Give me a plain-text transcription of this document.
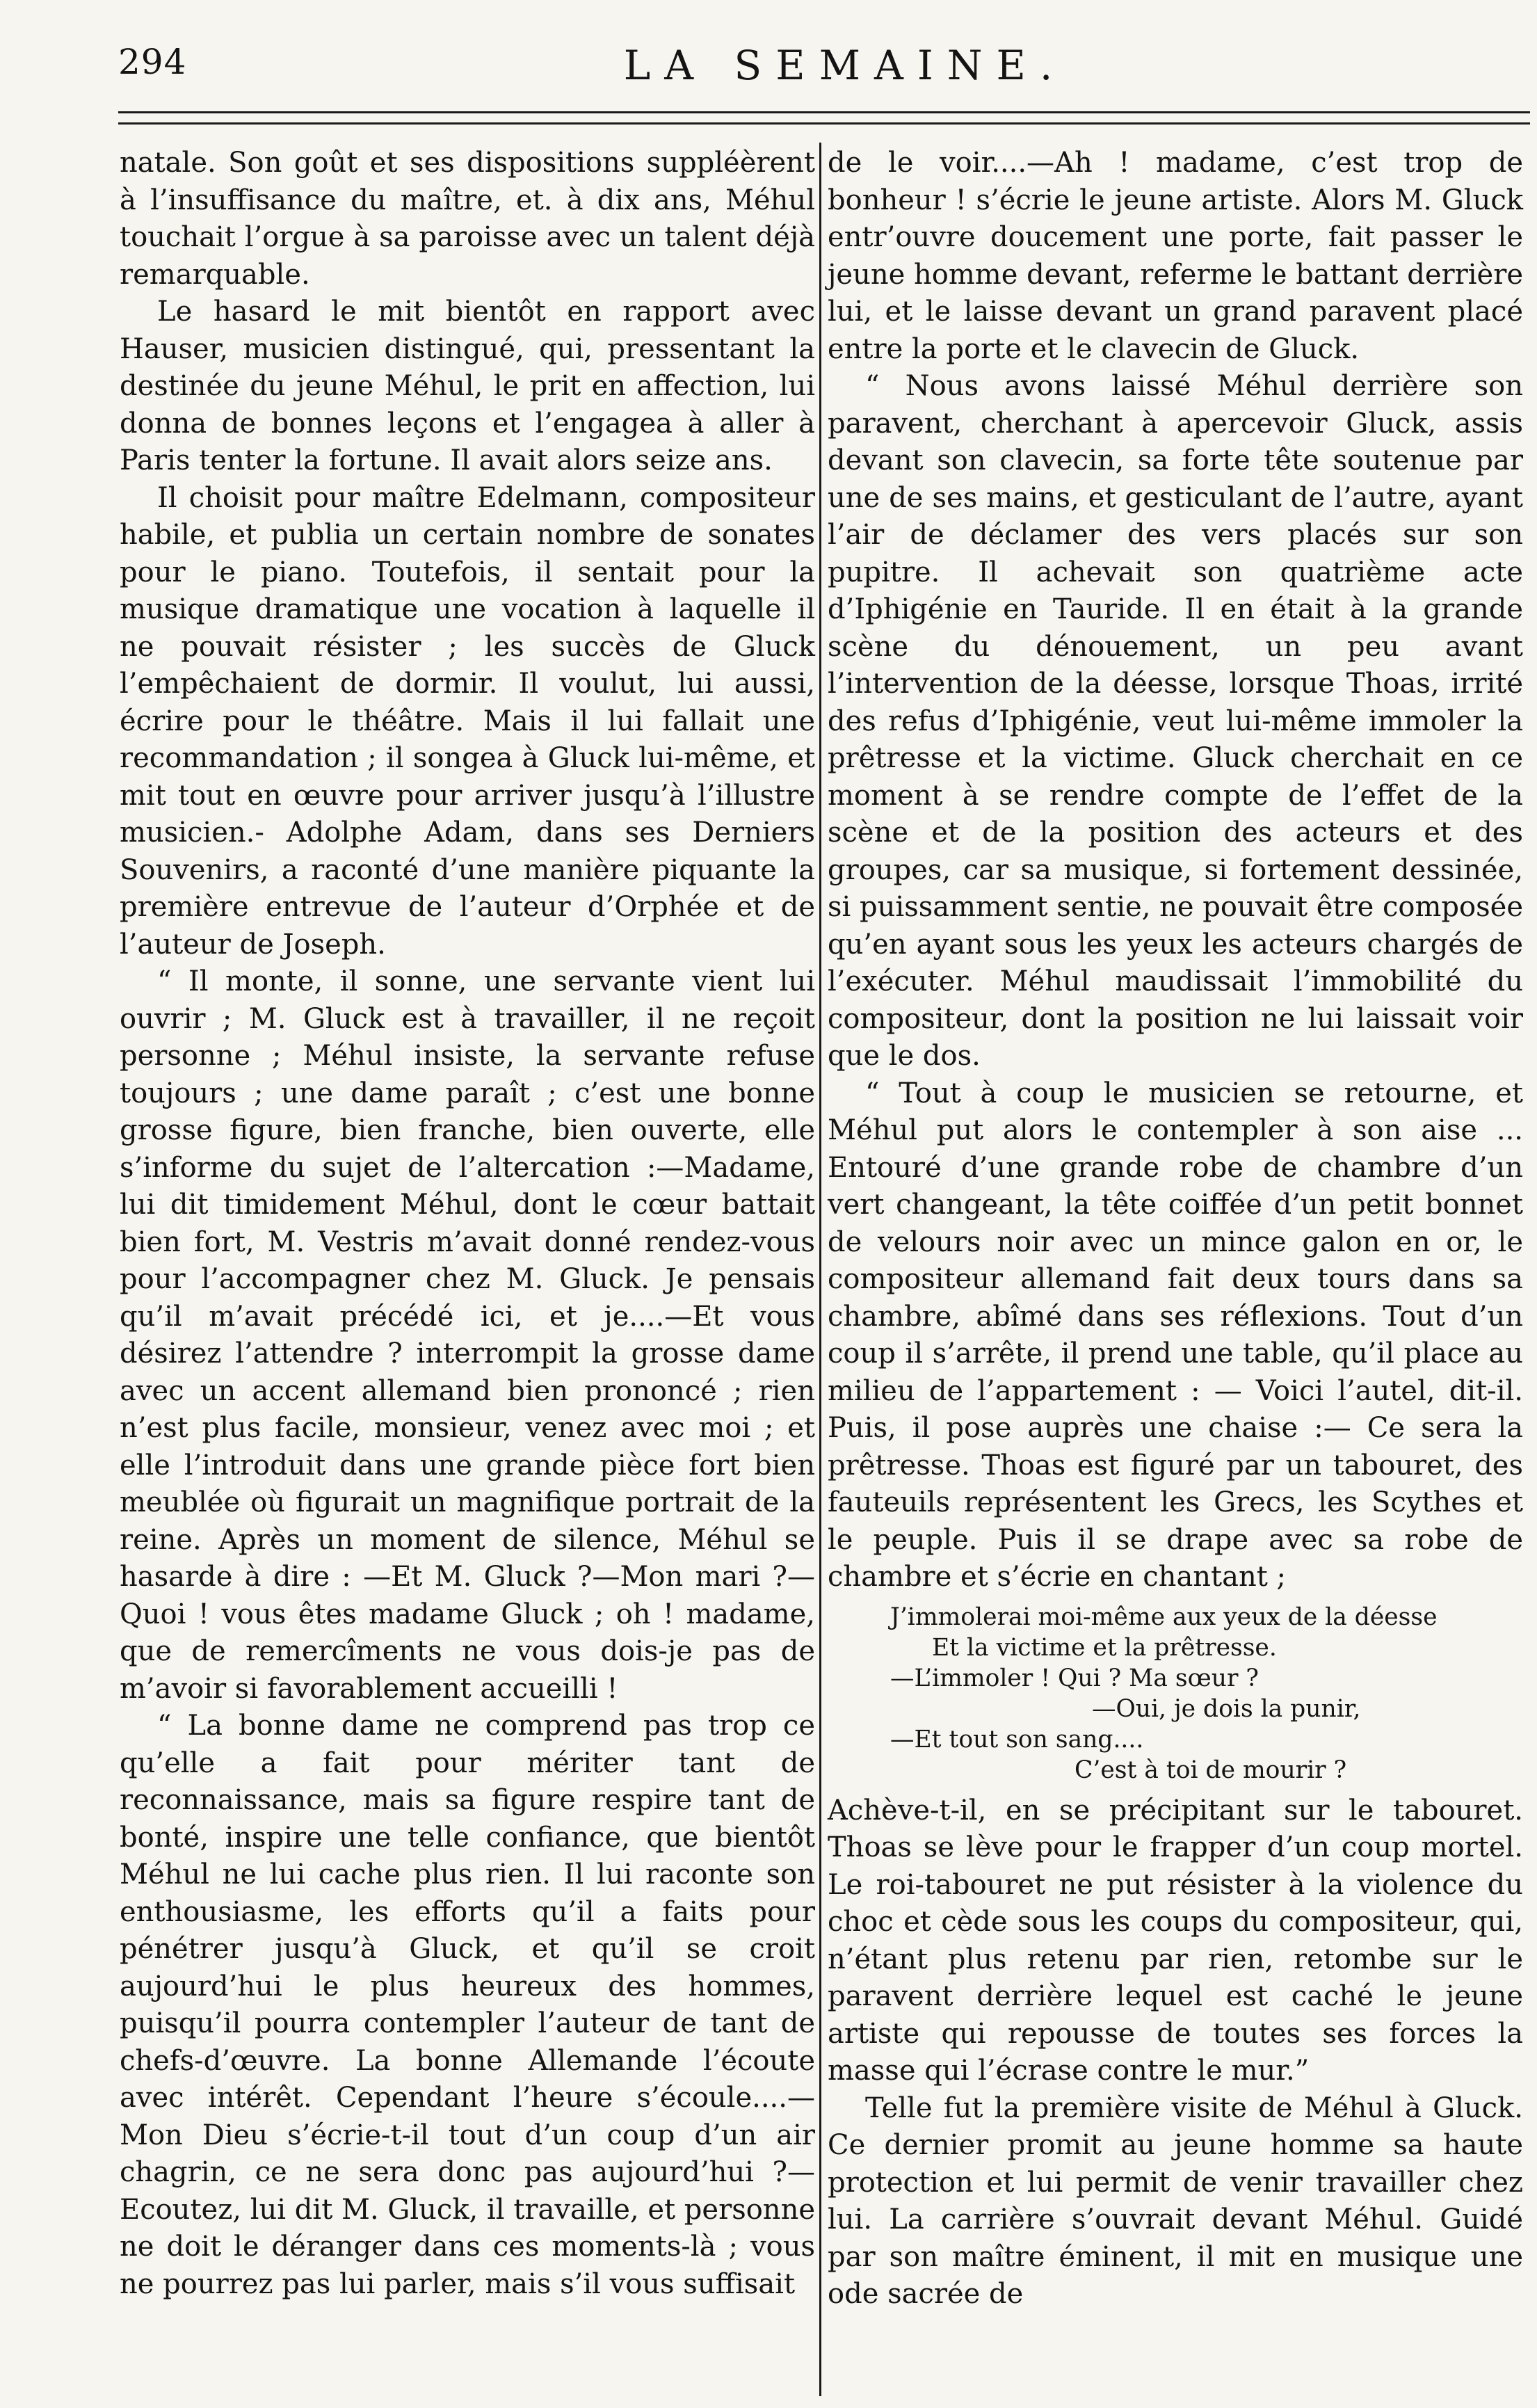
294	LA SEMAINE.

natale. Son goût et ses dispositions suppléèrent à l’insuffisance du maître, et. à dix ans, Méhul touchait l’orgue à sa paroisse avec un talent déjà remarquable.

Le hasard le mit bientôt en rapport avec Hauser, musicien distingué, qui, pressentant la destinée du jeune Méhul, le prit en affection, lui donna de bonnes leçons et l’engagea à aller à Paris tenter la fortune. Il avait alors seize ans.

Il choisit pour maître Edelmann, compositeur habile, et publia un certain nombre de sonates pour le piano. Toutefois, il sentait pour la musique dramatique une vocation à laquelle il ne pouvait résister ; les succès de Gluck l’empêchaient de dormir. Il voulut, lui aussi, écrire pour le théâtre. Mais il lui fallait une recommandation ; il songea à Gluck lui-même, et mit tout en œuvre pour arriver jusqu’à l’illustre musicien.- Adolphe Adam, dans ses Derniers Souvenirs, a raconté d’une manière piquante la première entrevue de l’auteur d’Orphée et de l’auteur de Joseph.

“ Il monte, il sonne, une servante vient lui ouvrir ; M. Gluck est à travailler, il ne reçoit personne ; Méhul insiste, la servante refuse toujours ; une dame paraît ; c’est une bonne grosse figure, bien franche, bien ouverte, elle s’informe du sujet de l’altercation :—Madame, lui dit timidement Méhul, dont le cœur battait bien fort, M. Vestris m’avait donné rendez-vous pour l’accompagner chez M. Gluck. Je pensais qu’il m’avait précédé ici, et je....—Et vous désirez l’attendre ? interrompit la grosse dame avec un accent allemand bien prononcé ; rien n’est plus facile, monsieur, venez avec moi ; et elle l’introduit dans une grande pièce fort bien meublée où figurait un magnifique portrait de la reine. Après un moment de silence, Méhul se hasarde à dire : —Et M. Gluck ?—Mon mari ?—Quoi ! vous êtes madame Gluck ; oh ! madame, que de remercîments ne vous dois-je pas de m’avoir si favorablement accueilli !

“ La bonne dame ne comprend pas trop ce qu’elle a fait pour mériter tant de reconnaissance, mais sa figure respire tant de bonté, inspire une telle confiance, que bientôt Méhul ne lui cache plus rien. Il lui raconte son enthousiasme, les efforts qu’il a faits pour pénétrer jusqu’à Gluck, et qu’il se croit aujourd’hui le plus heureux des hommes, puisqu’il pourra contempler l’auteur de tant de chefs-d’œuvre. La bonne Allemande l’écoute avec intérêt. Cependant l’heure s’écoule....—Mon Dieu s’écrie-t-il tout d’un coup d’un air chagrin, ce ne sera donc pas aujourd’hui ?— Ecoutez, lui dit M. Gluck, il travaille, et personne ne doit le déranger dans ces moments-là ; vous ne pourrez pas lui parler, mais s’il vous suffisait

de le voir....—Ah ! madame, c’est trop de bonheur ! s’écrie le jeune artiste. Alors M. Gluck entr’ouvre doucement une porte, fait passer le jeune homme devant, referme le battant derrière lui, et le laisse devant un grand paravent placé entre la porte et le clavecin de Gluck.

“ Nous avons laissé Méhul derrière son paravent, cherchant à apercevoir Gluck, assis devant son clavecin, sa forte tête soutenue par une de ses mains, et gesticulant de l’autre, ayant l’air de déclamer des vers placés sur son pupitre. Il achevait son quatrième acte d’Iphigénie en Tauride. Il en était à la grande scène du dénouement, un peu avant l’intervention de la déesse, lorsque Thoas, irrité des refus d’Iphigénie, veut lui-même immoler la prêtresse et la victime. Gluck cherchait en ce moment à se rendre compte de l’effet de la scène et de la position des acteurs et des groupes, car sa musique, si fortement dessinée, si puissamment sentie, ne pouvait être composée qu’en ayant sous les yeux les acteurs chargés de l’exécuter. Méhul maudissait l’immobilité du compositeur, dont la position ne lui laissait voir que le dos.

“ Tout à coup le musicien se retourne, et Méhul put alors le contempler à son aise ... Entouré d’une grande robe de chambre d’un vert changeant, la tête coiffée d’un petit bonnet de velours noir avec un mince galon en or, le compositeur allemand fait deux tours dans sa chambre, abîmé dans ses réflexions. Tout d’un coup il s’arrête, il prend une table, qu’il place au milieu de l’appartement : — Voici l’autel, dit-il. Puis, il pose auprès une chaise :— Ce sera la prêtresse. Thoas est figuré par un tabouret, des fauteuils représentent les Grecs, les Scythes et le peuple. Puis il se drape avec sa robe de chambre et s’écrie en chantant ;

J’immolerai moi-même aux yeux de la déesse
Et la victime et la prêtresse.
—L’immoler ! Qui ? Ma sœur ?
—Oui, je dois la punir,
—Et tout son sang....
C’est à toi de mourir ?

Achève-t-il, en se précipitant sur le tabouret. Thoas se lève pour le frapper d’un coup mortel. Le roi-tabouret ne put résister à la violence du choc et cède sous les coups du compositeur, qui, n’étant plus retenu par rien, retombe sur le paravent derrière lequel est caché le jeune artiste qui repousse de toutes ses forces la masse qui l’écrase contre le mur.”

Telle fut la première visite de Méhul à Gluck. Ce dernier promit au jeune homme sa haute protection et lui permit de venir travailler chez lui. La carrière s’ouvrait devant Méhul. Guidé par son maître éminent, il mit en musique une ode sacrée de
